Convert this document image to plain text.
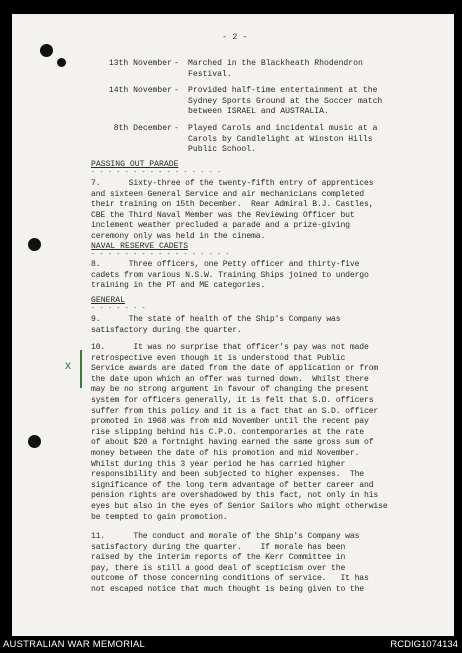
- 2 -
13th November - Marched in the Blackheath Rhodendron
Festival.
14th November - Provided half-time entertainment at the
Sydney Sports Ground at the Soccer match
between ISRAEL and AUSTRALIA.
8th December - Played Carols and incidental music at a
Carols by Candlelight at Winston Hills
Public School.
PASSING OUT PARADE
- - - - - - - - - - - - - - - -
7.      Sixty-three of the twenty-fifth entry of apprentices
and sixteen General Service and air mechanicians completed
their training on 15th December.  Rear Admiral B.J. Castles,
CBE the Third Naval Member was the Reviewing Officer but
inclement weather precluded a parade and a prize-giving
ceremony only was held in the cinema.
NAVAL RESERVE CADETS
- - - - - - - - - - - - - - - - -
8.      Three officers, one Petty officer and thirty-five
cadets from various N.S.W. Training Ships joined to undergo
training in the PT and ME categories.
GENERAL
- - - - - - -
9.      The state of health of the Ship's Company was
satisfactory during the quarter.
10.      It was no surprise that officer's pay was not made
retrospective even though it is understood that Public
Service awards are dated from the date of application or from
the date upon which an offer was turned down.  Whilst there
may be no strong argument in favour of changing the present
system for officers generally, it is felt that S.D. officers
suffer from this policy and it is a fact that an S.D. officer
promoted in 1968 was from mid November until the recent pay
rise slipping behind his C.P.O. contemporaries at the rate
of about $20 a fortnight having earned the same gross sum of
money between the date of his promotion and mid November.
Whilst during this 3 year period he has carried higher
responsibility and been subjected to higher expenses.  The
significance of the long term advantage of better career and
pension rights are overshadowed by this fact, not only in his
eyes but also in the eyes of Senior Sailors who might otherwise
be tempted to gain promotion.
11.      The conduct and morale of the Ship's Company was
satisfactory during the quarter.    If morale has been
raised by the interim reports of the Kerr Committee in
pay, there is still a good deal of scepticism over the
outcome of those concerning conditions of service.   It has
not escaped notice that much thought is being given to the
x
AUSTRALIAN WAR MEMORIAL	RCDIG1074134
